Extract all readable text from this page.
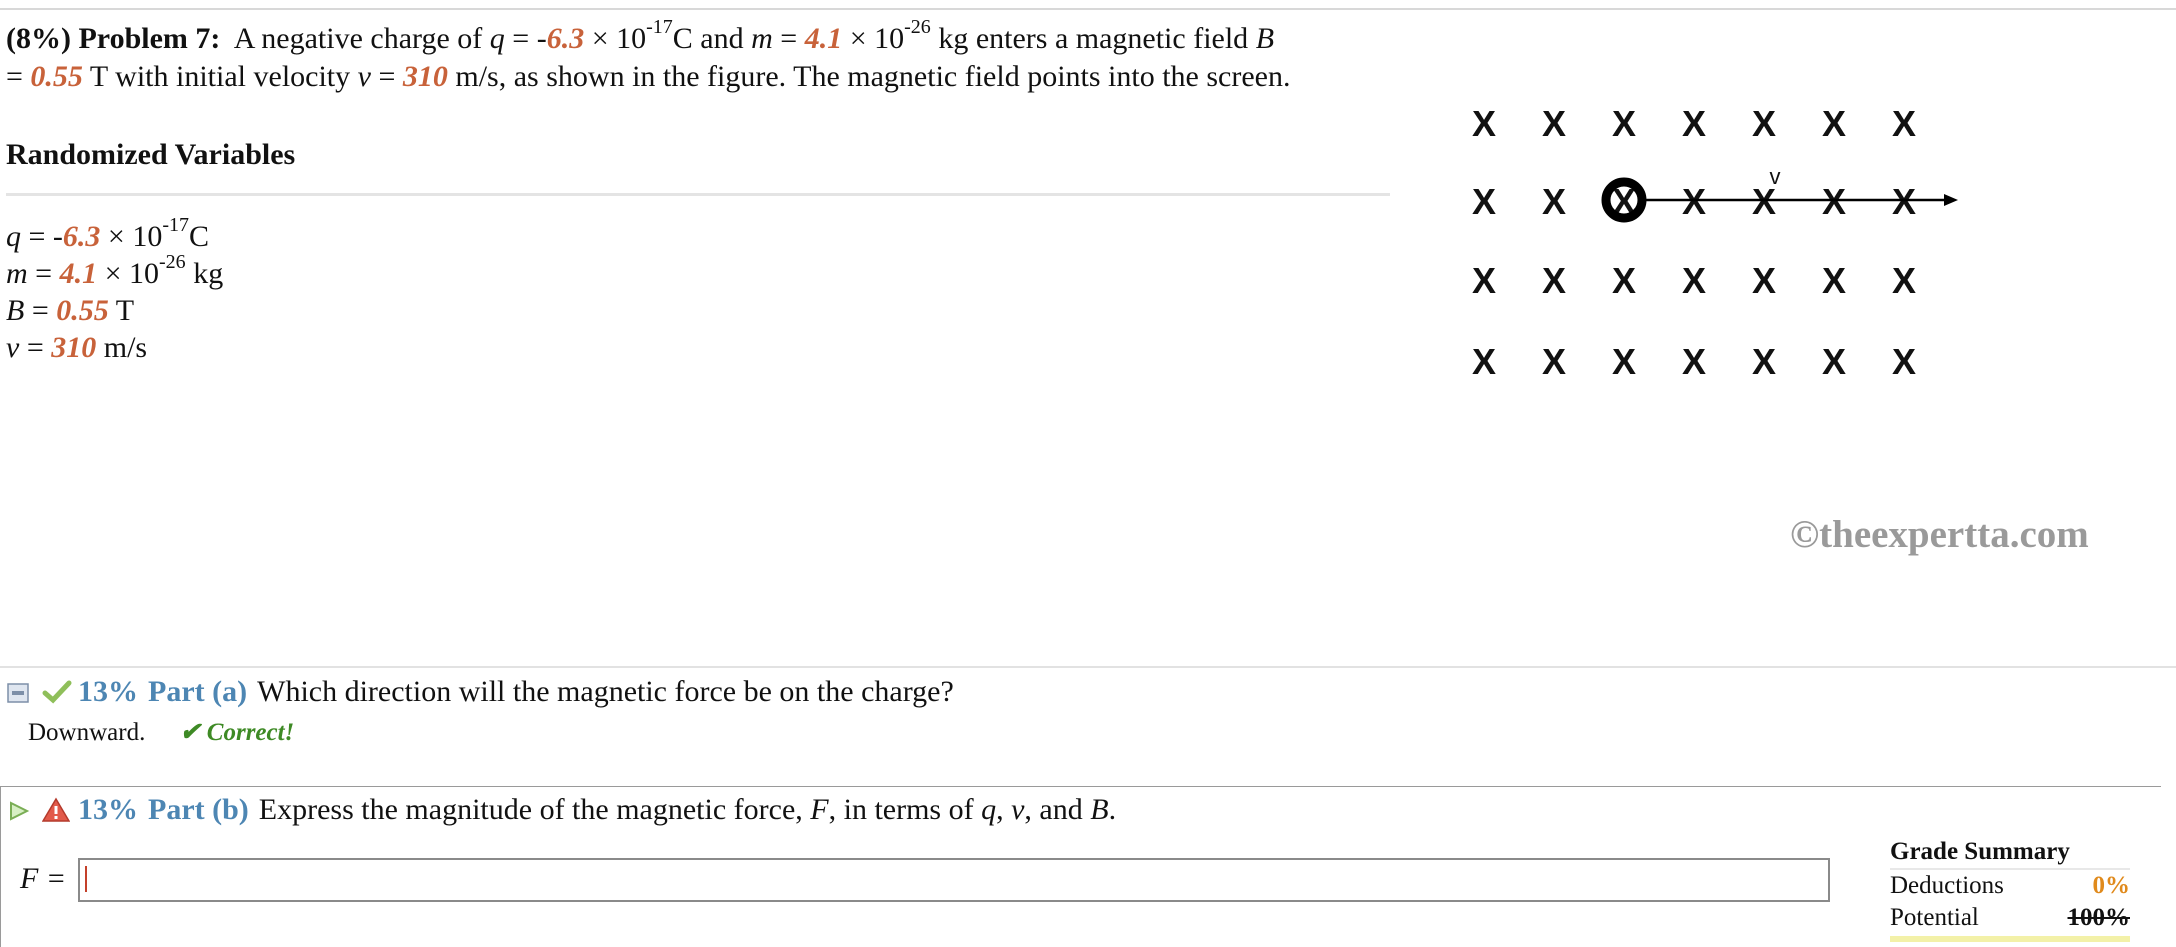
(8%) Problem 7: A negative charge of $q = -6.3 \times 10^{-17}C$ and $m = 4.1 \times 10^{-26}$ kg enters a magnetic field B
= 0.55 T with initial velocity v = 310 m/s, as shown in the figure. The magnetic field points into the screen.
Randomized Variables
$q = -6.3 \times 10^{-17}C$
$m = 4.1 \times 10^{-26}$ kg
B = 0.55 T
v = 310 m/s
X X X X X X X
X X X X X X X
X X X X X X X
X X X X X X X
v
©theexpertta.com
13% Part (a) Which direction will the magnetic force be on the charge?
Downward. ✔ Correct!
13% Part (b) Express the magnitude of the magnetic force, F, in terms of q, v, and B.
F =
Grade Summary
Deductions	0%
Potential	100%
